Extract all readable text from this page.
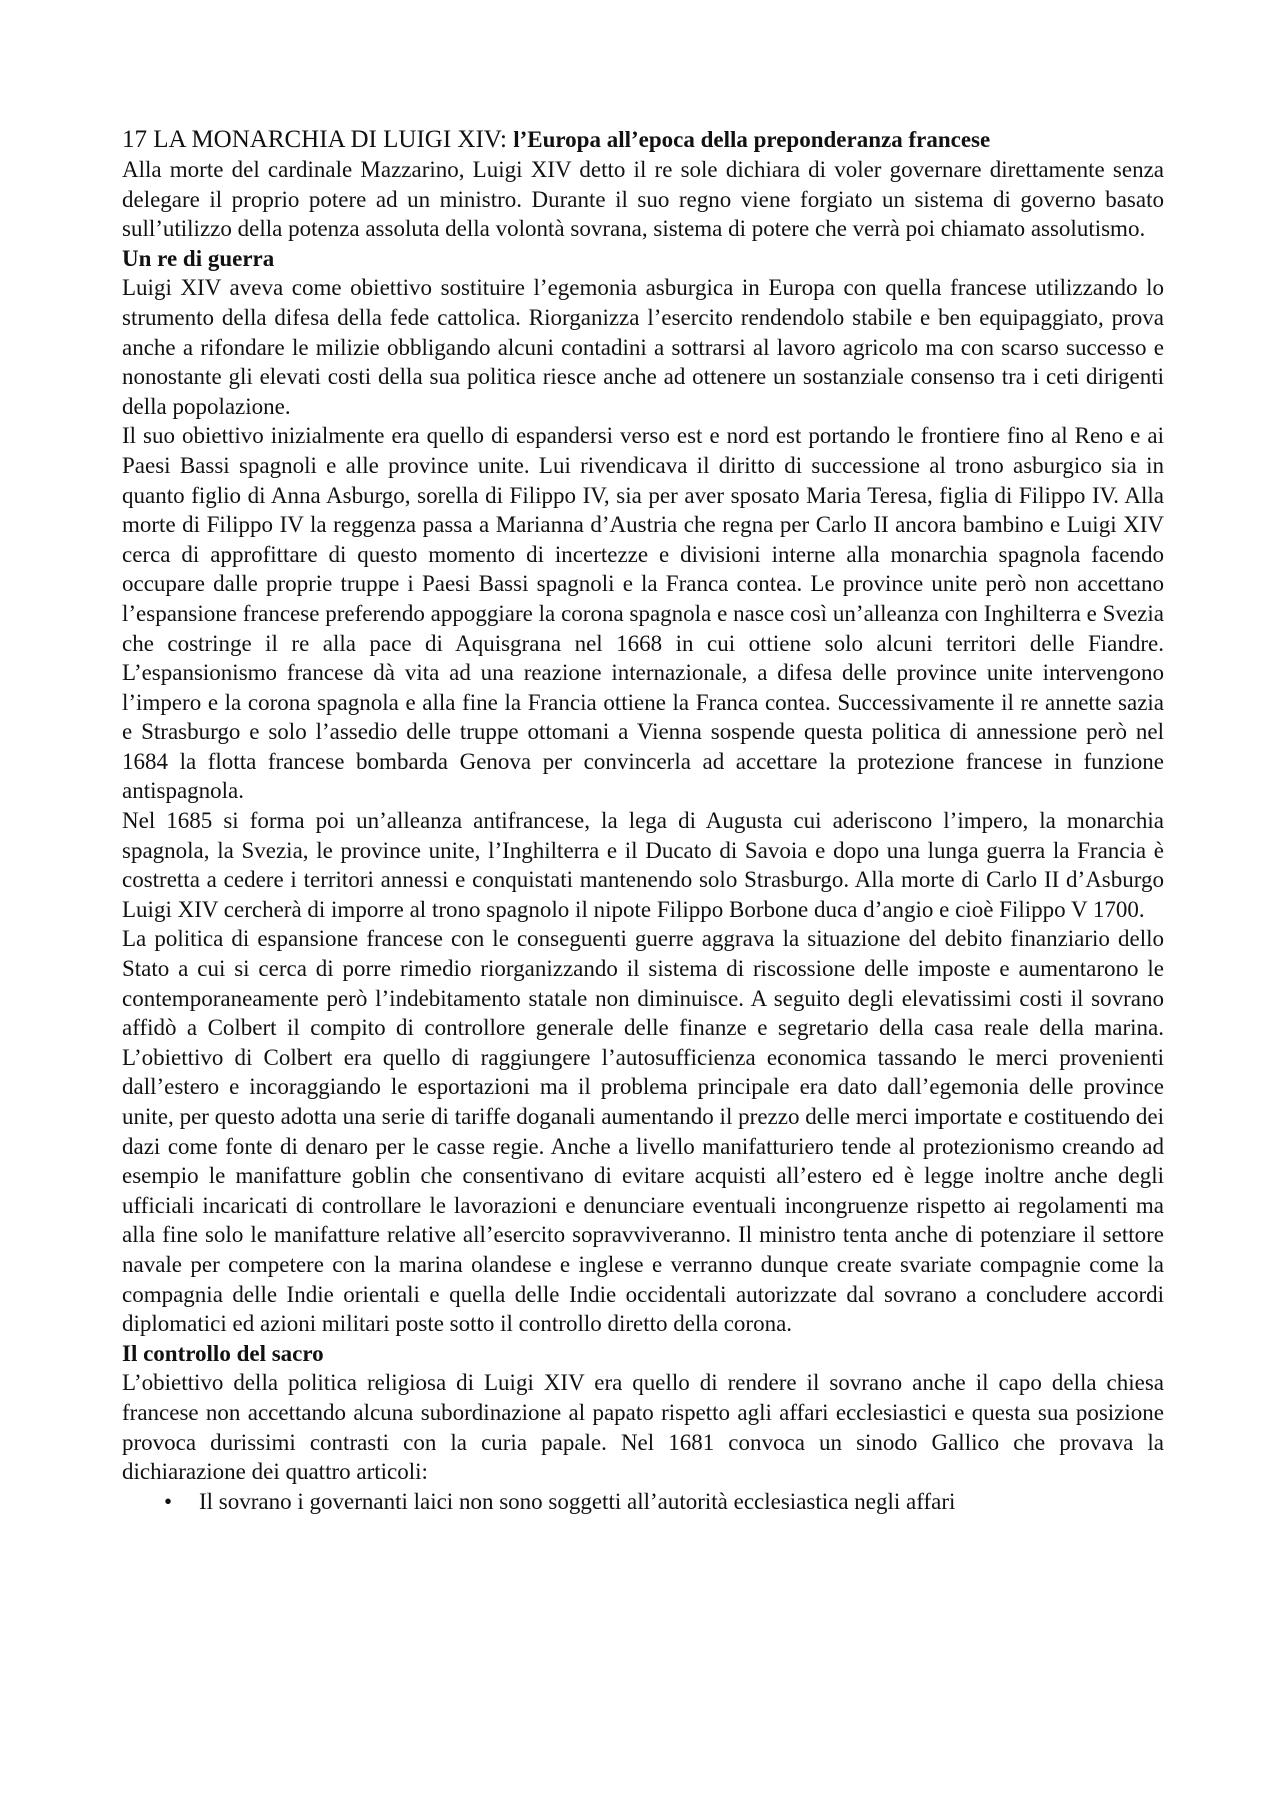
17 LA MONARCHIA DI LUIGI XIV: l’Europa all’epoca della preponderanza francese

Alla morte del cardinale Mazzarino, Luigi XIV detto il re sole dichiara di voler governare direttamente senza delegare il proprio potere ad un ministro. Durante il suo regno viene forgiato un sistema di governo basato sull’utilizzo della potenza assoluta della volontà sovrana, sistema di potere che verrà poi chiamato assolutismo.

Un re di guerra

Luigi XIV aveva come obiettivo sostituire l’egemonia asburgica in Europa con quella francese utilizzando lo strumento della difesa della fede cattolica. Riorganizza l’esercito rendendolo stabile e ben equipaggiato, prova anche a rifondare le milizie obbligando alcuni contadini a sottrarsi al lavoro agricolo ma con scarso successo e nonostante gli elevati costi della sua politica riesce anche ad ottenere un sostanziale consenso tra i ceti dirigenti della popolazione.

Il suo obiettivo inizialmente era quello di espandersi verso est e nord est portando le frontiere fino al Reno e ai Paesi Bassi spagnoli e alle province unite. Lui rivendicava il diritto di successione al trono asburgico sia in quanto figlio di Anna Asburgo, sorella di Filippo IV, sia per aver sposato Maria Teresa, figlia di Filippo IV. Alla morte di Filippo IV la reggenza passa a Marianna d’Austria che regna per Carlo II ancora bambino e Luigi XIV cerca di approfittare di questo momento di incertezze e divisioni interne alla monarchia spagnola facendo occupare dalle proprie truppe i Paesi Bassi spagnoli e la Franca contea. Le province unite però non accettano l’espansione francese preferendo appoggiare la corona spagnola e nasce così un’alleanza con Inghilterra e Svezia che costringe il re alla pace di Aquisgrana nel 1668 in cui ottiene solo alcuni territori delle Fiandre. L’espansionismo francese dà vita ad una reazione internazionale, a difesa delle province unite intervengono l’impero e la corona spagnola e alla fine la Francia ottiene la Franca contea. Successivamente il re annette sazia e Strasburgo e solo l’assedio delle truppe ottomani a Vienna sospende questa politica di annessione però nel 1684 la flotta francese bombarda Genova per convincerla ad accettare la protezione francese in funzione antispagnola.

Nel 1685 si forma poi un’alleanza antifrancese, la lega di Augusta cui aderiscono l’impero, la monarchia spagnola, la Svezia, le province unite, l’Inghilterra e il Ducato di Savoia e dopo una lunga guerra la Francia è costretta a cedere i territori annessi e conquistati mantenendo solo Strasburgo. Alla morte di Carlo II d’Asburgo Luigi XIV cercherà di imporre al trono spagnolo il nipote Filippo Borbone duca d’angio e cioè Filippo V 1700.

La politica di espansione francese con le conseguenti guerre aggrava la situazione del debito finanziario dello Stato a cui si cerca di porre rimedio riorganizzando il sistema di riscossione delle imposte e aumentarono le contemporaneamente però l’indebitamento statale non diminuisce. A seguito degli elevatissimi costi il sovrano affidò a Colbert il compito di controllore generale delle finanze e segretario della casa reale della marina. L’obiettivo di Colbert era quello di raggiungere l’autosufficienza economica tassando le merci provenienti dall’estero e incoraggiando le esportazioni ma il problema principale era dato dall’egemonia delle province unite, per questo adotta una serie di tariffe doganali aumentando il prezzo delle merci importate e costituendo dei dazi come fonte di denaro per le casse regie. Anche a livello manifatturiero tende al protezionismo creando ad esempio le manifatture goblin che consentivano di evitare acquisti all’estero ed è legge inoltre anche degli ufficiali incaricati di controllare le lavorazioni e denunciare eventuali incongruenze rispetto ai regolamenti ma alla fine solo le manifatture relative all’esercito sopravviveranno. Il ministro tenta anche di potenziare il settore navale per competere con la marina olandese e inglese e verranno dunque create svariate compagnie come la compagnia delle Indie orientali e quella delle Indie occidentali autorizzate dal sovrano a concludere accordi diplomatici ed azioni militari poste sotto il controllo diretto della corona.

Il controllo del sacro

L’obiettivo della politica religiosa di Luigi XIV era quello di rendere il sovrano anche il capo della chiesa francese non accettando alcuna subordinazione al papato rispetto agli affari ecclesiastici e questa sua posizione provoca durissimi contrasti con la curia papale. Nel 1681 convoca un sinodo Gallico che provava la dichiarazione dei quattro articoli:

• Il sovrano i governanti laici non sono soggetti all’autorità ecclesiastica negli affari
